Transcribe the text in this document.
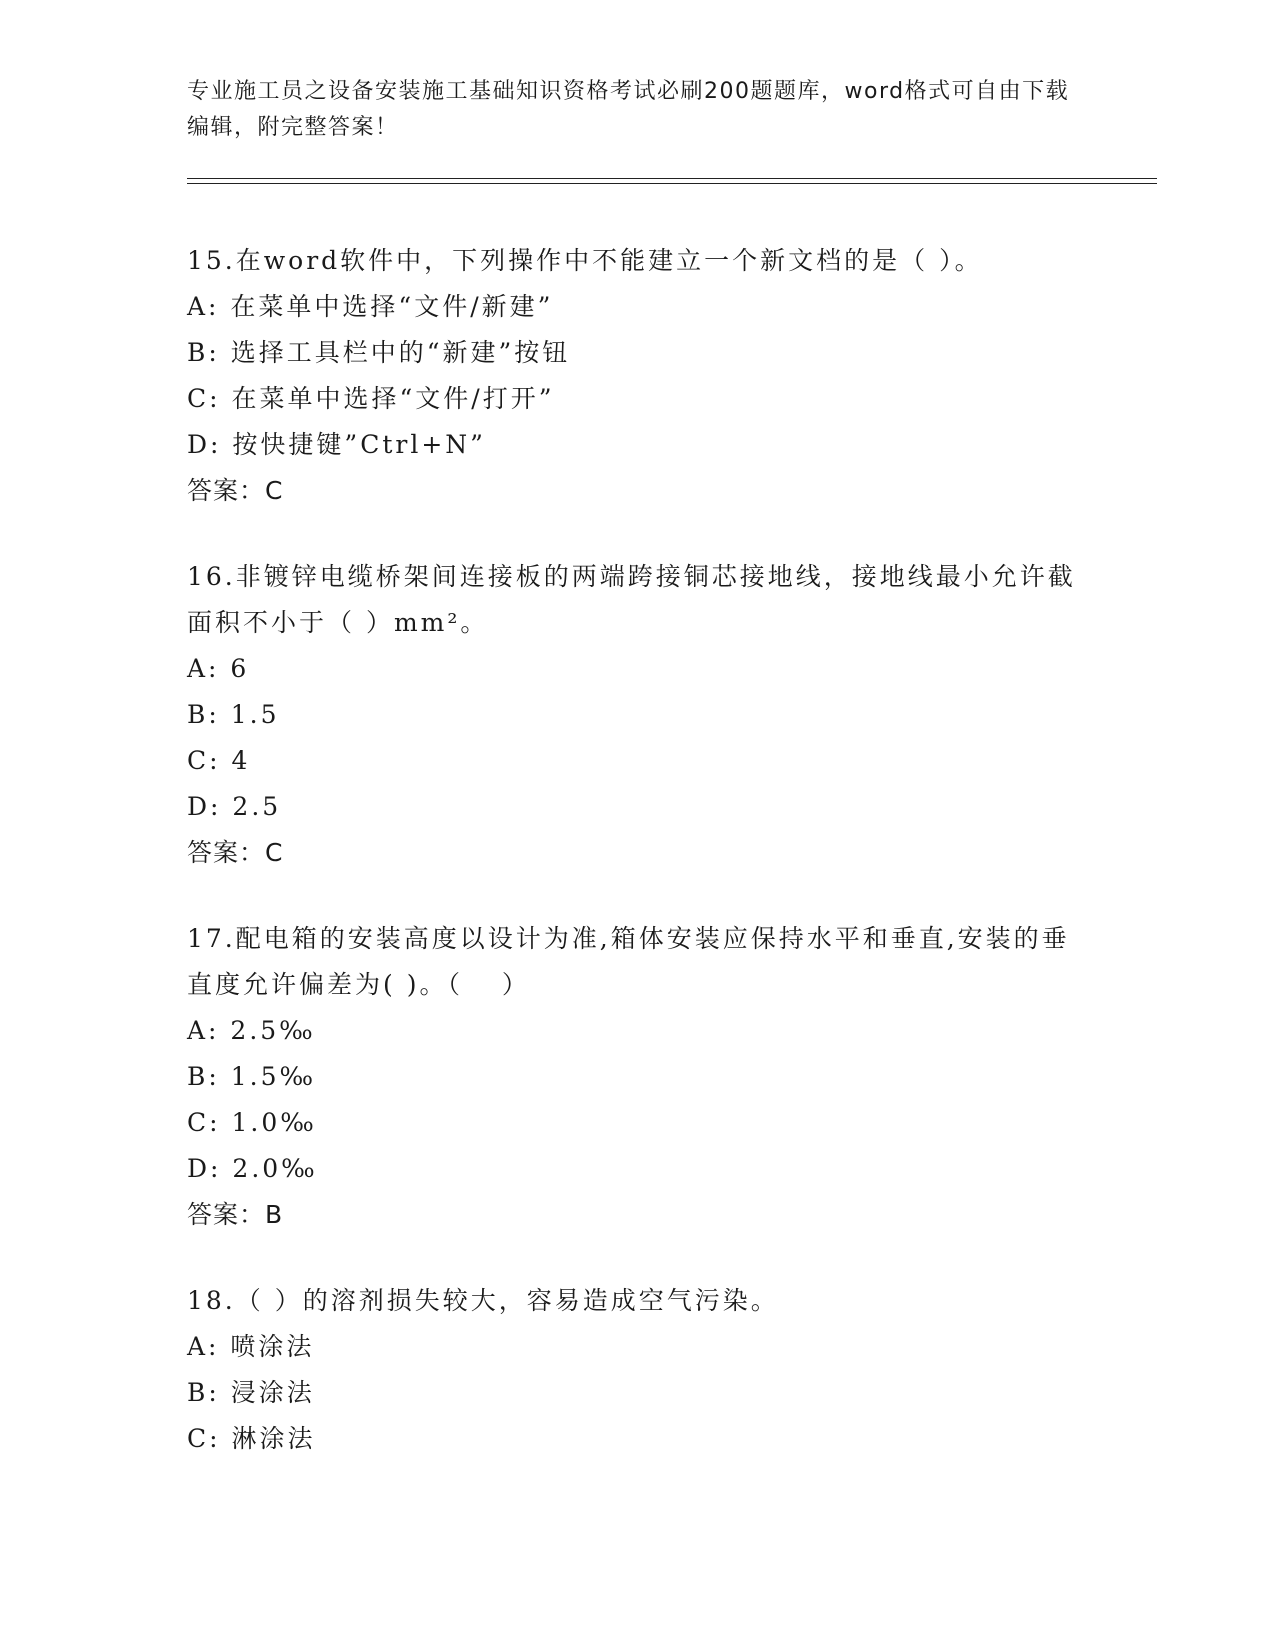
专业施工员之设备安装施工基础知识资格考试必刷200题题库，word格式可自由下载编辑，附完整答案！
15.在word软件中，下列操作中不能建立一个新文档的是（ ）。
A: 在菜单中选择“文件/新建”
B: 选择工具栏中的“新建”按钮
C: 在菜单中选择“文件/打开”
D: 按快捷键”Ctrl+N”
答案：C
16.非镀锌电缆桥架间连接板的两端跨接铜芯接地线，接地线最小允许截面积不小于（ ）mm²。
A: 6
B: 1.5
C: 4
D: 2.5
答案：C
17.配电箱的安装高度以设计为准,箱体安装应保持水平和垂直,安装的垂直度允许偏差为( )。（　 ）
A: 2.5‰
B: 1.5‰
C: 1.0‰
D: 2.0‰
答案：B
18.（ ）的溶剂损失较大，容易造成空气污染。
A: 喷涂法
B: 浸涂法
C: 淋涂法
